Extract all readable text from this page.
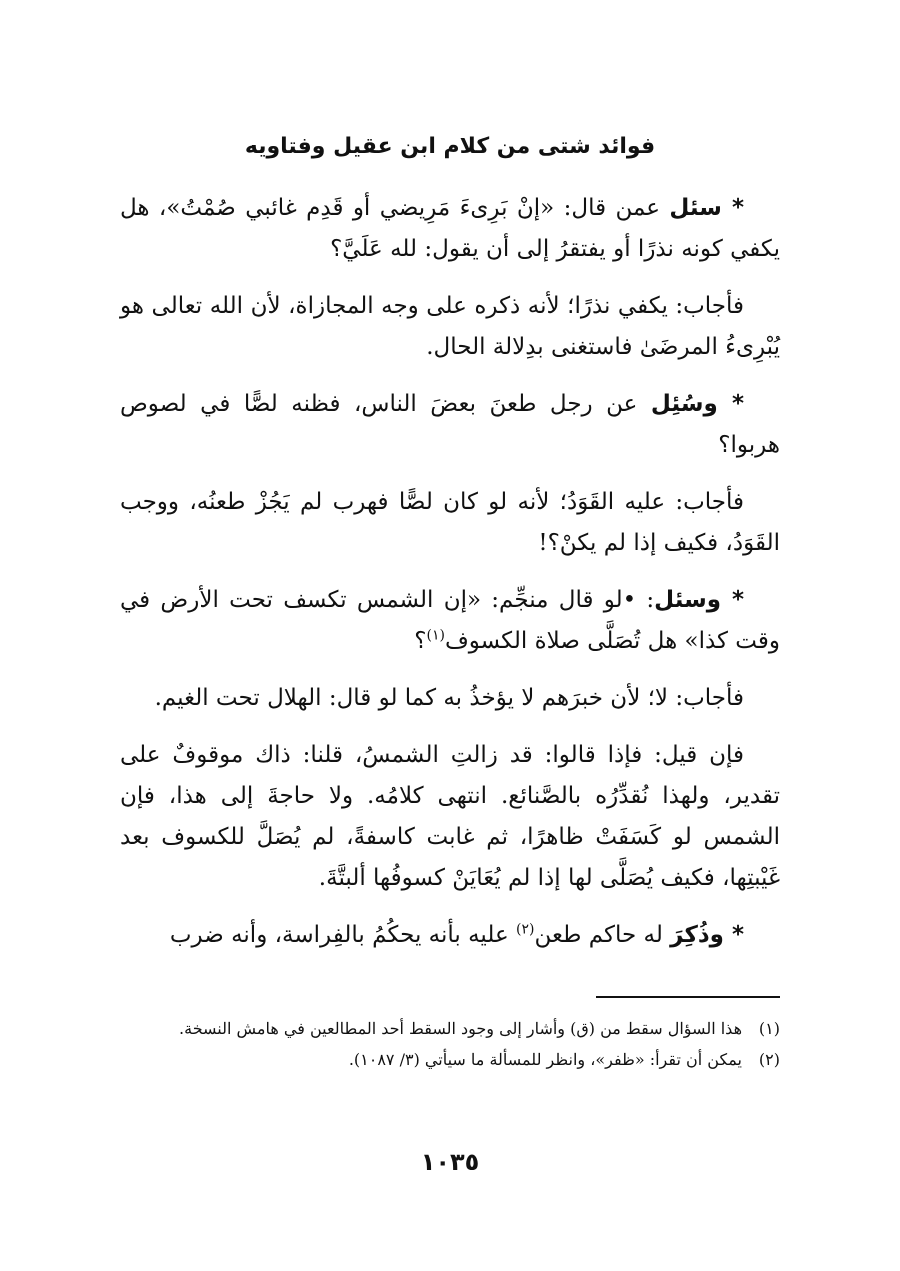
فوائد شتى من كلام ابن عقيل وفتاويه

* سئل عمن قال: «إنْ بَرِىءَ مَرِيضي أو قَدِم غائبي صُمْتُ»، هل يكفي كونه نذرًا أو يفتقرُ إلى أن يقول: لله عَلَيَّ؟

فأجاب: يكفي نذرًا؛ لأنه ذكره على وجه المجازاة، لأن الله تعالى هو يُبْرِىءُ المرضَىٰ فاستغنى بدِلالة الحال.

* وسُئِل عن رجل طعنَ بعضَ الناس، فظنه لصًّا في لصوص هربوا؟

فأجاب: عليه القَوَدُ؛ لأنه لو كان لصًّا فهرب لم يَجُزْ طعنُه، ووجب القَوَدُ، فكيف إذا لم يكنْ؟!

* وسئل: •لو قال منجِّم: «إن الشمس تكسف تحت الأرض في وقت كذا» هل تُصَلَّى صلاة الكسوف$^{(١)}$؟

فأجاب: لا؛ لأن خبرَهم لا يؤخذُ به كما لو قال: الهلال تحت الغيم.

فإن قيل: فإذا قالوا: قد زالتِ الشمسُ، قلنا: ذاك موقوفٌ على تقدير، ولهذا نُقدِّرُه بالصَّنائع. انتهى كلامُه. ولا حاجةَ إلى هذا، فإن الشمس لو كَسَفَتْ ظاهرًا، ثم غابت كاسفةً، لم يُصَلَّ للكسوف بعد غَيْبتِها، فكيف يُصَلَّى لها إذا لم يُعَايَنْ كسوفُها ألبتَّةَ.

* وذُكِرَ له حاكم طعن$^{(٢)}$ عليه بأنه يحكُمُ بالفِراسة، وأنه ضرب

(١)
هذا السؤال سقط من (ق) وأشار إلى وجود السقط أحد المطالعين في هامش النسخة.
(٢)
يمكن أن تقرأ: «ظفر»، وانظر للمسألة ما سيأتي (٣/ ١٠٨٧).
١٠٣٥
